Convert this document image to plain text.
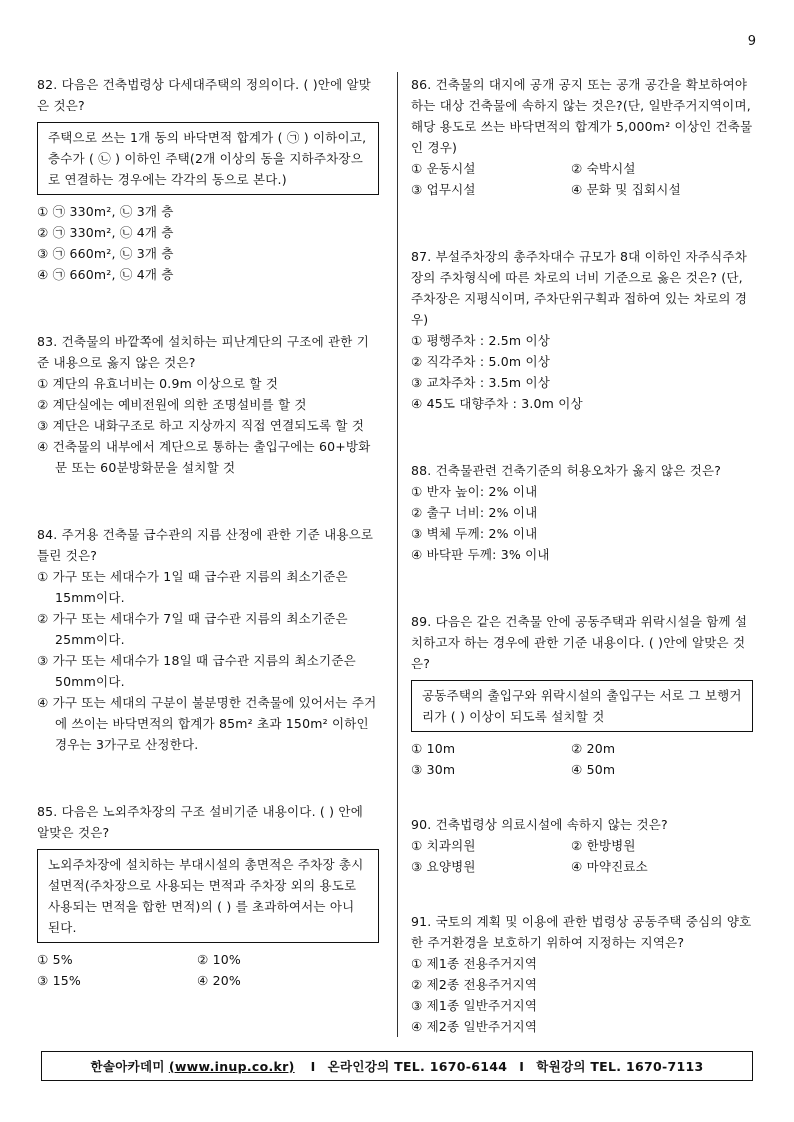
9

82. 다음은 건축법령상 다세대주택의 정의이다. ( )안에 알맞은 것은?

주택으로 쓰는 1개 동의 바닥면적 합계가 ( ㉠ ) 이하이고, 층수가 ( ㉡ ) 이하인 주택(2개 이상의 동을 지하주차장으로 연결하는 경우에는 각각의 동으로 본다.)
① ㉠ 330m², ㉡ 3개 층
② ㉠ 330m², ㉡ 4개 층
③ ㉠ 660m², ㉡ 3개 층
④ ㉠ 660m², ㉡ 4개 층

83. 건축물의 바깥쪽에 설치하는 피난계단의 구조에 관한 기준 내용으로 옳지 않은 것은?

① 계단의 유효너비는 0.9m 이상으로 할 것
② 계단실에는 예비전원에 의한 조명설비를 할 것
③ 계단은 내화구조로 하고 지상까지 직접 연결되도록 할 것
④ 건축물의 내부에서 계단으로 통하는 출입구에는 60+방화문 또는 60분방화문을 설치할 것

84. 주거용 건축물 급수관의 지름 산정에 관한 기준 내용으로 틀린 것은?

① 가구 또는 세대수가 1일 때 급수관 지름의 최소기준은 15mm이다.
② 가구 또는 세대수가 7일 때 급수관 지름의 최소기준은 25mm이다.
③ 가구 또는 세대수가 18일 때 급수관 지름의 최소기준은 50mm이다.
④ 가구 또는 세대의 구분이 불분명한 건축물에 있어서는 주거에 쓰이는 바닥면적의 합계가 85m² 초과 150m² 이하인 경우는 3가구로 산정한다.

85. 다음은 노외주차장의 구조 설비기준 내용이다. ( ) 안에 알맞은 것은?

노외주차장에 설치하는 부대시설의 총면적은 주차장 총시설면적(주차장으로 사용되는 면적과 주차장 외의 용도로 사용되는 면적을 합한 면적)의 ( ) 를 초과하여서는 아니 된다.
① 5%	② 10%
③ 15%	④ 20%

86. 건축물의 대지에 공개 공지 또는 공개 공간을 확보하여야 하는 대상 건축물에 속하지 않는 것은?(단, 일반주거지역이며, 해당 용도로 쓰는 바닥면적의 합계가 5,000m² 이상인 건축물인 경우)

① 운동시설	② 숙박시설
③ 업무시설	④ 문화 및 집회시설

87. 부설주차장의 총주차대수 규모가 8대 이하인 자주식주차장의 주차형식에 따른 차로의 너비 기준으로 옳은 것은? (단, 주차장은 지평식이며, 주차단위구획과 접하여 있는 차로의 경우)

① 평행주차 : 2.5m 이상
② 직각주차 : 5.0m 이상
③ 교차주차 : 3.5m 이상
④ 45도 대향주차 : 3.0m 이상

88. 건축물관련 건축기준의 허용오차가 옳지 않은 것은?

① 반자 높이: 2% 이내
② 출구 너비: 2% 이내
③ 벽체 두께: 2% 이내
④ 바닥판 두께: 3% 이내

89. 다음은 같은 건축물 안에 공동주택과 위락시설을 함께 설치하고자 하는 경우에 관한 기준 내용이다. ( )안에 알맞은 것은?

공동주택의 출입구와 위락시설의 출입구는 서로 그 보행거리가 ( ) 이상이 되도록 설치할 것
① 10m	② 20m
③ 30m	④ 50m

90. 건축법령상 의료시설에 속하지 않는 것은?

① 치과의원	② 한방병원
③ 요양병원	④ 마약진료소

91. 국토의 계획 및 이용에 관한 법령상 공동주택 중심의 양호한 주거환경을 보호하기 위하여 지정하는 지역은?

① 제1종 전용주거지역
② 제2종 전용주거지역
③ 제1종 일반주거지역
④ 제2종 일반주거지역
한솔아카데미 (www.inup.co.kr) I 온라인강의 TEL. 1670-6144 I 학원강의 TEL. 1670-7113
